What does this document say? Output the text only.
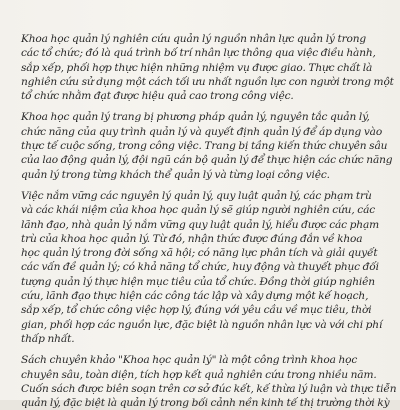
Khoa học quản lý nghiên cứu quản lý nguồn nhân lực quản lý trong
các tổ chức; đó là quá trình bố trí nhân lực thông qua việc điều hành,
sắp xếp, phối hợp thực hiện những nhiệm vụ được giao. Thực chất là
nghiên cứu sử dụng một cách tối ưu nhất nguồn lực con người trong một
tổ chức nhằm đạt được hiệu quả cao trong công việc.
Khoa học quản lý trang bị phương pháp quản lý, nguyên tắc quản lý,
chức năng của quy trình quản lý và quyết định quản lý để áp dụng vào
thực tế cuộc sống, trong công việc. Trang bị tầng kiến thức chuyên sâu
của lao động quản lý, đội ngũ cán bộ quản lý để thực hiện các chức năng
quản lý trong từng khách thể quản lý và từng loại công việc.
Việc nắm vững các nguyên lý quản lý, quy luật quản lý, các phạm trù
và các khái niệm của khoa học quản lý sẽ giúp người nghiên cứu, các
lãnh đạo, nhà quản lý nắm vững quy luật quản lý, hiểu được các phạm
trù của khoa học quản lý. Từ đó, nhận thức được đúng đắn về khoa
học quản lý trong đời sống xã hội; có năng lực phân tích và giải quyết
các vấn đề quản lý; có khả năng tổ chức, huy động và thuyết phục đối
tượng quản lý thực hiện mục tiêu của tổ chức. Đồng thời giúp nghiên
cứu, lãnh đạo thực hiện các công tác lập và xây dựng một kế hoạch,
sắp xếp, tổ chức công việc hợp lý, đúng với yêu cầu về mục tiêu, thời
gian, phối hợp các nguồn lực, đặc biệt là nguồn nhân lực và với chi phí
thấp nhất.
Sách chuyên khảo "Khoa học quản lý" là một công trình khoa học
chuyên sâu, toàn diện, tích hợp kết quả nghiên cứu trong nhiều năm.
Cuốn sách được biên soạn trên cơ sở đúc kết, kế thừa lý luận và thực tiễn
quản lý, đặc biệt là quản lý trong bối cảnh nền kinh tế thị trường thời kỳ
